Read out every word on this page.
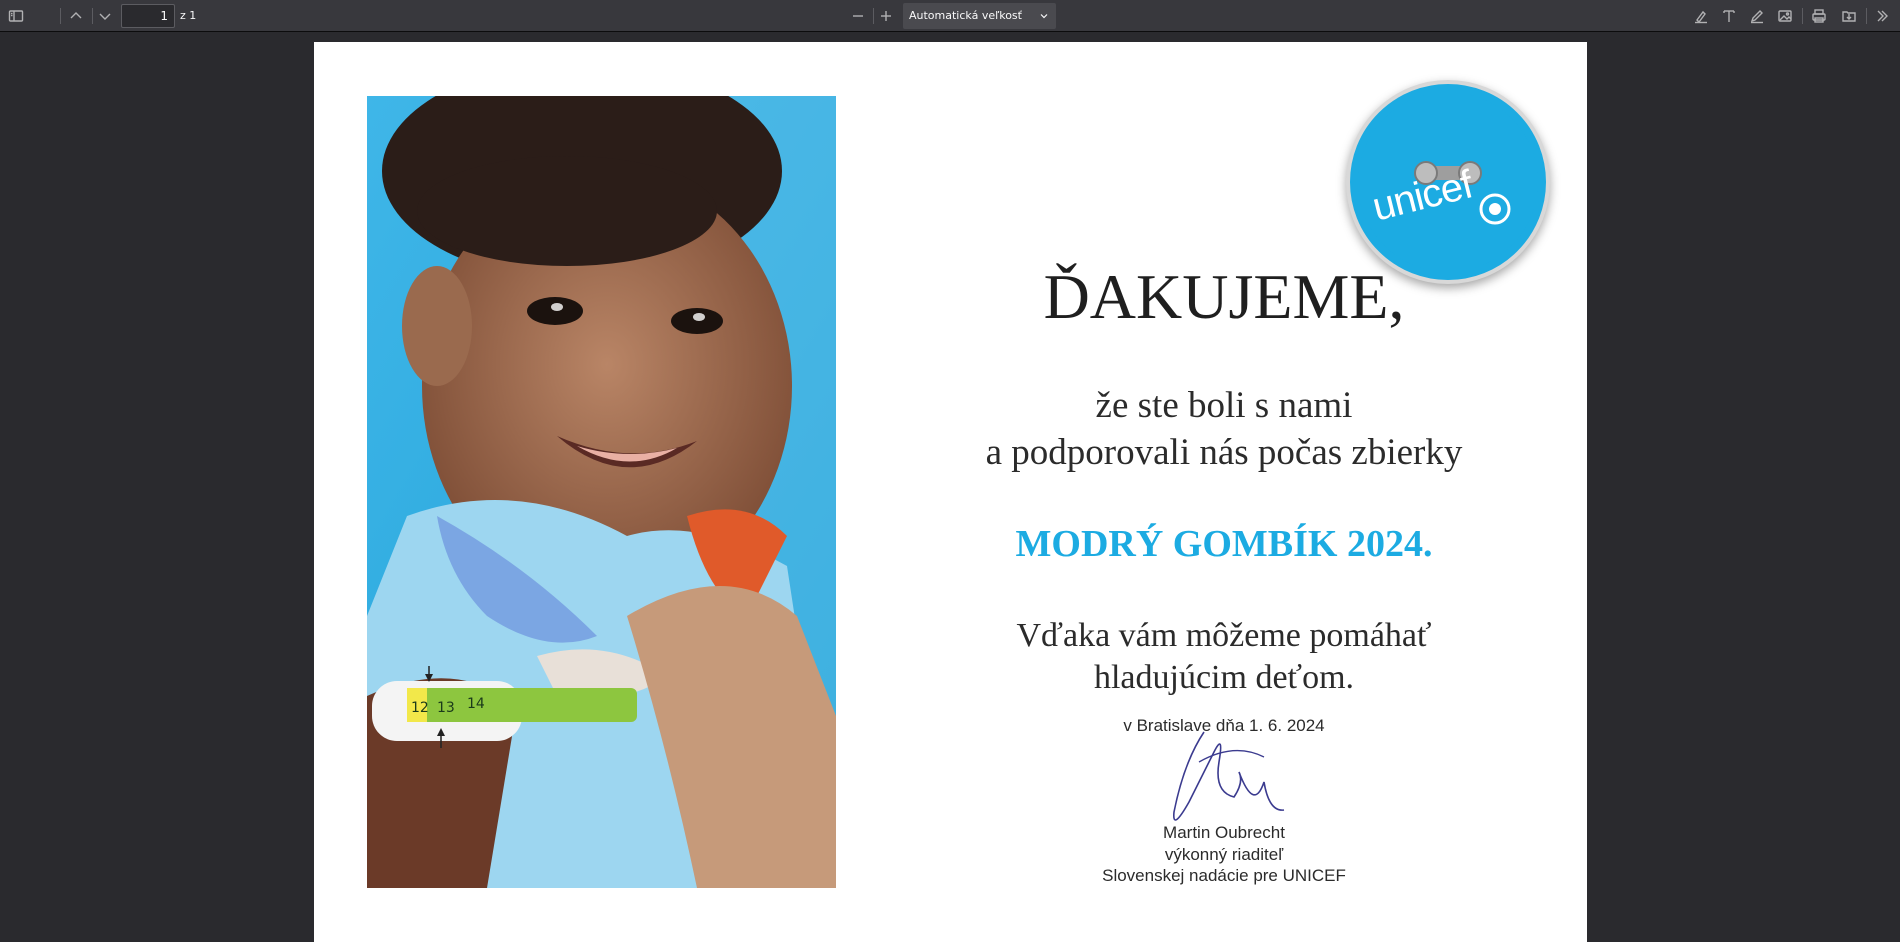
1	z 1	Automatická veľkosť
12 13 14
unicef
ĎAKUJEME,
že ste boli s nami
a podporovali nás počas zbierky
MODRÝ GOMBÍK 2024.
Vďaka vám môžeme pomáhať
hladujúcim deťom.
v Bratislave dňa 1. 6. 2024
Martin Oubrecht
výkonný riaditeľ
Slovenskej nadácie pre UNICEF
